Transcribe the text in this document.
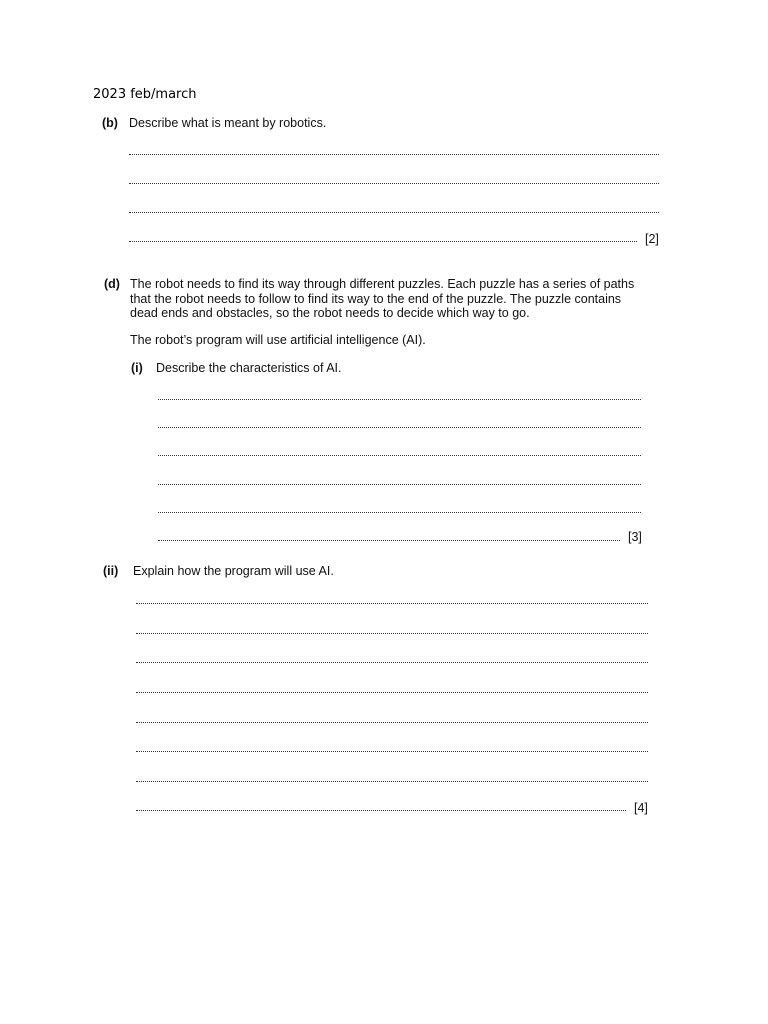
2023 feb/march
(b) Describe what is meant by robotics.
[2]
(d) The robot needs to find its way through different puzzles. Each puzzle has a series of paths
that the robot needs to follow to find its way to the end of the puzzle. The puzzle contains
dead ends and obstacles, so the robot needs to decide which way to go.
The robot’s program will use artificial intelligence (AI).
(i) Describe the characteristics of AI.
[3]
(ii) Explain how the program will use AI.
[4]
